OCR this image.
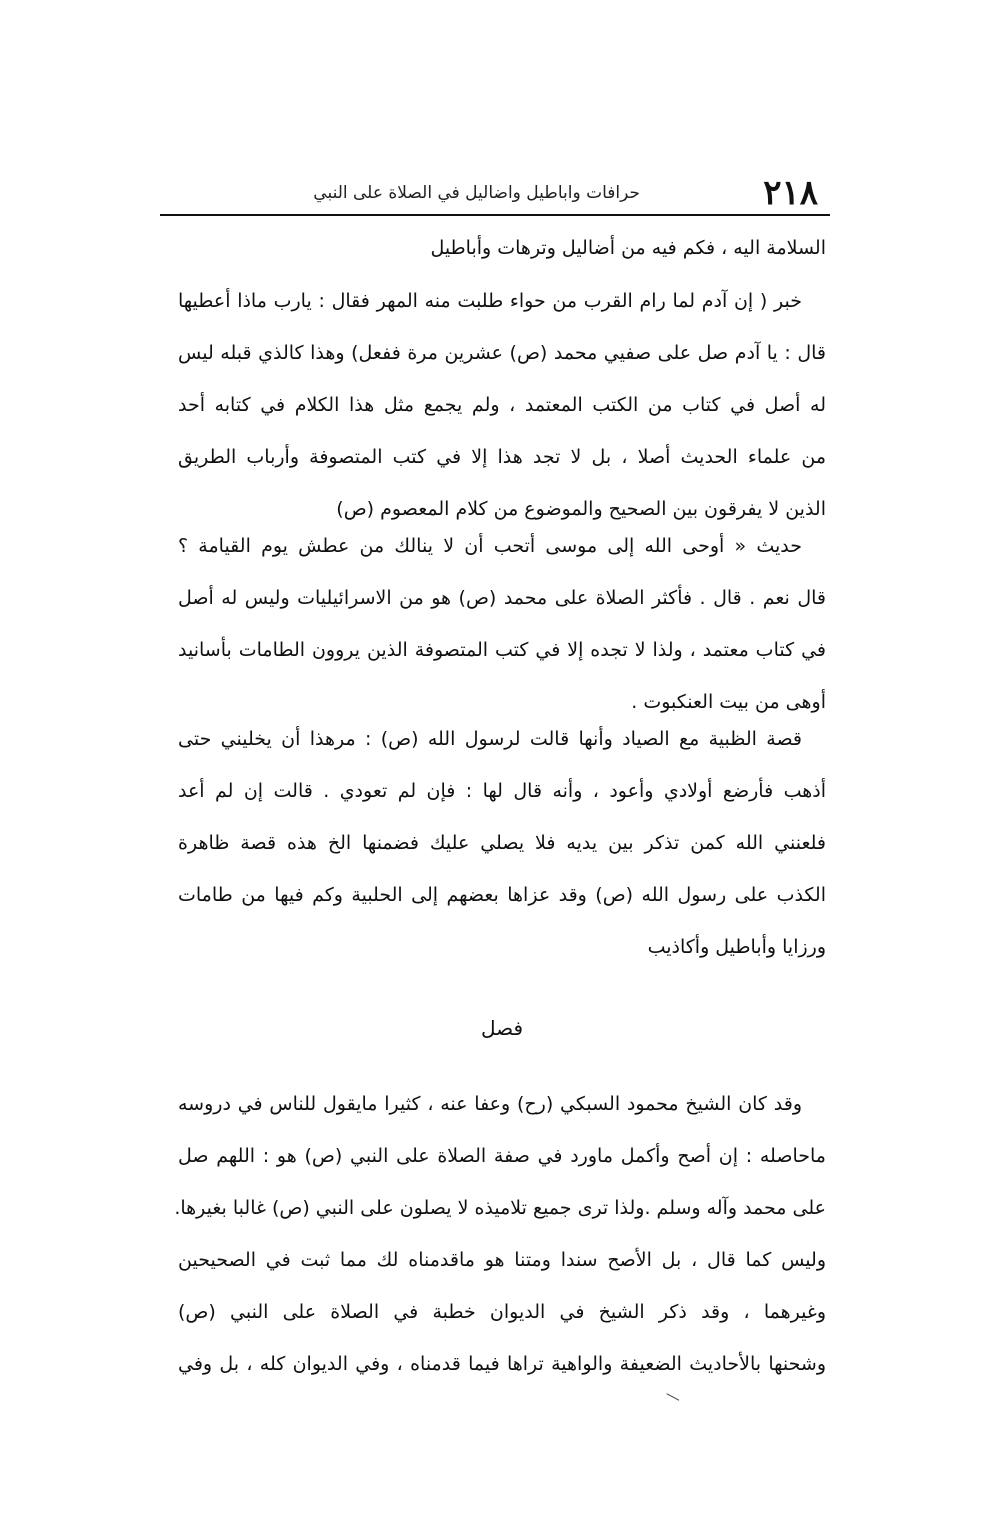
٢١٨
حرافات واباطيل واضاليل في الصلاة على النبي
السلامة اليه ، فكم فيه من أضاليل وترهات وأباطيل
خبر ( إن آدم لما رام القرب من حواء طلبت منه المهر فقال : يارب ماذا أعطيها
قال : يا آدم صل على صفيي محمد (ص) عشرين مرة ففعل) وهذا كالذي قبله ليس
له أصل في كتاب من الكتب المعتمد ، ولم يجمع مثل هذا الكلام في كتابه أحد
من علماء الحديث أصلا ، بل لا تجد هذا إلا في كتب المتصوفة وأرباب الطريق
الذين لا يفرقون بين الصحيح والموضوع من كلام المعصوم (ص)
حديث « أوحى الله إلى موسى أتحب أن لا ينالك من عطش يوم القيامة ؟
قال نعم . قال . فأكثر الصلاة على محمد (ص) هو من الاسرائيليات وليس له أصل
في كتاب معتمد ، ولذا لا تجده إلا في كتب المتصوفة الذين يروون الطامات بأسانيد
أوهى من بيت العنكبوت .
قصة الظبية مع الصياد وأنها قالت لرسول الله (ص) : مرهذا أن يخليني حتى
أذهب فأرضع أولادي وأعود ، وأنه قال لها : فإن لم تعودي . قالت إن لم أعد
فلعنني الله كمن تذكر بين يديه فلا يصلي عليك فضمنها الخ هذه قصة ظاهرة
الكذب على رسول الله (ص) وقد عزاها بعضهم إلى الحلبية وكم فيها من طامات
ورزايا وأباطيل وأكاذيب
فصل
وقد كان الشيخ محمود السبكي (رح) وعفا عنه ، كثيرا مايقول للناس في دروسه
ماحاصله : إن أصح وأكمل ماورد في صفة الصلاة على النبي (ص) هو : اللهم صل
على محمد وآله وسلم .ولذا ترى جميع تلاميذه لا يصلون على النبي (ص) غالبا بغيرها.
وليس كما قال ، بل الأصح سندا ومتنا هو ماقدمناه لك مما ثبت في الصحيحين
وغيرهما ، وقد ذكر الشيخ في الديوان خطبة في الصلاة على النبي (ص)
وشحنها بالأحاديث الضعيفة والواهية تراها فيما قدمناه ، وفي الديوان كله ، بل وفي
